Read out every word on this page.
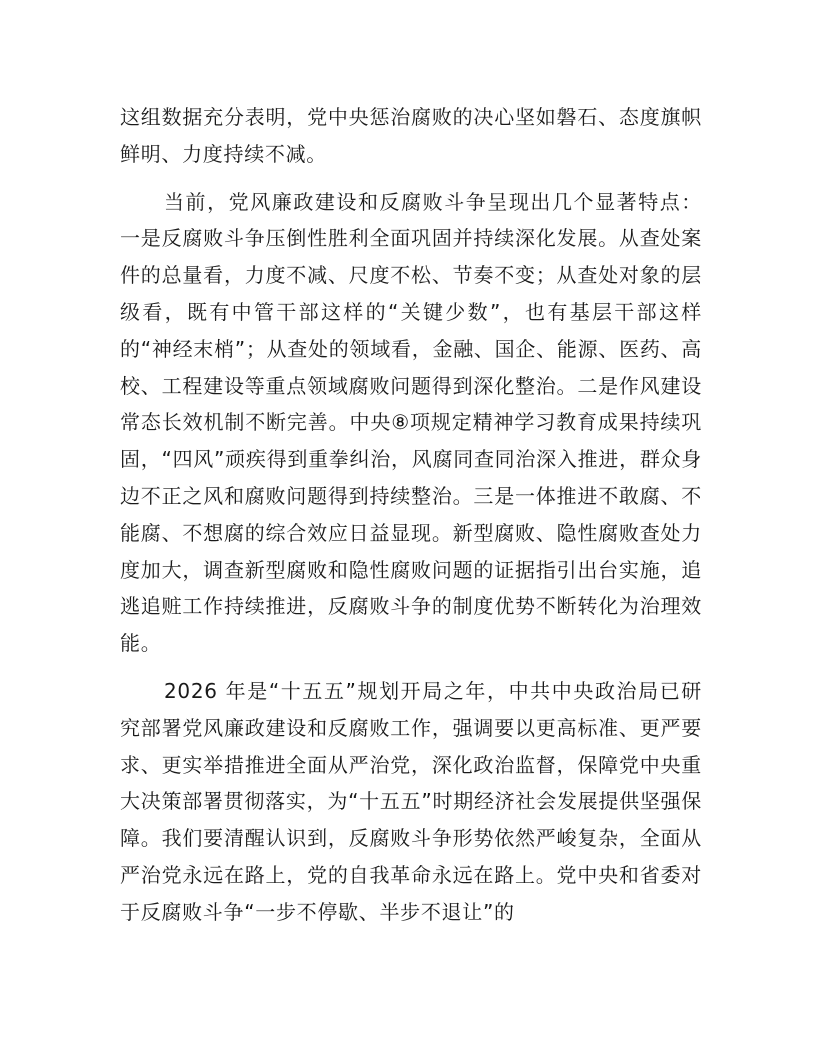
这组数据充分表明，党中央惩治腐败的决心坚如磐石、态度旗帜鲜明、力度持续不减。

当前，党风廉政建设和反腐败斗争呈现出几个显著特点：一是反腐败斗争压倒性胜利全面巩固并持续深化发展。从查处案件的总量看，力度不减、尺度不松、节奏不变；从查处对象的层级看，既有中管干部这样的“关键少数”，也有基层干部这样的“神经末梢”；从查处的领域看，金融、国企、能源、医药、高校、工程建设等重点领域腐败问题得到深化整治。二是作风建设常态长效机制不断完善。中央⑧项规定精神学习教育成果持续巩固，“四风”顽疾得到重拳纠治，风腐同查同治深入推进，群众身边不正之风和腐败问题得到持续整治。三是一体推进不敢腐、不能腐、不想腐的综合效应日益显现。新型腐败、隐性腐败查处力度加大，调查新型腐败和隐性腐败问题的证据指引出台实施，追逃追赃工作持续推进，反腐败斗争的制度优势不断转化为治理效能。

2026 年是“十五五”规划开局之年，中共中央政治局已研究部署党风廉政建设和反腐败工作，强调要以更高标准、更严要求、更实举措推进全面从严治党，深化政治监督，保障党中央重大决策部署贯彻落实，为“十五五”时期经济社会发展提供坚强保障。我们要清醒认识到，反腐败斗争形势依然严峻复杂，全面从严治党永远在路上，党的自我革命永远在路上。党中央和省委对于反腐败斗争“一步不停歇、半步不退让”的
